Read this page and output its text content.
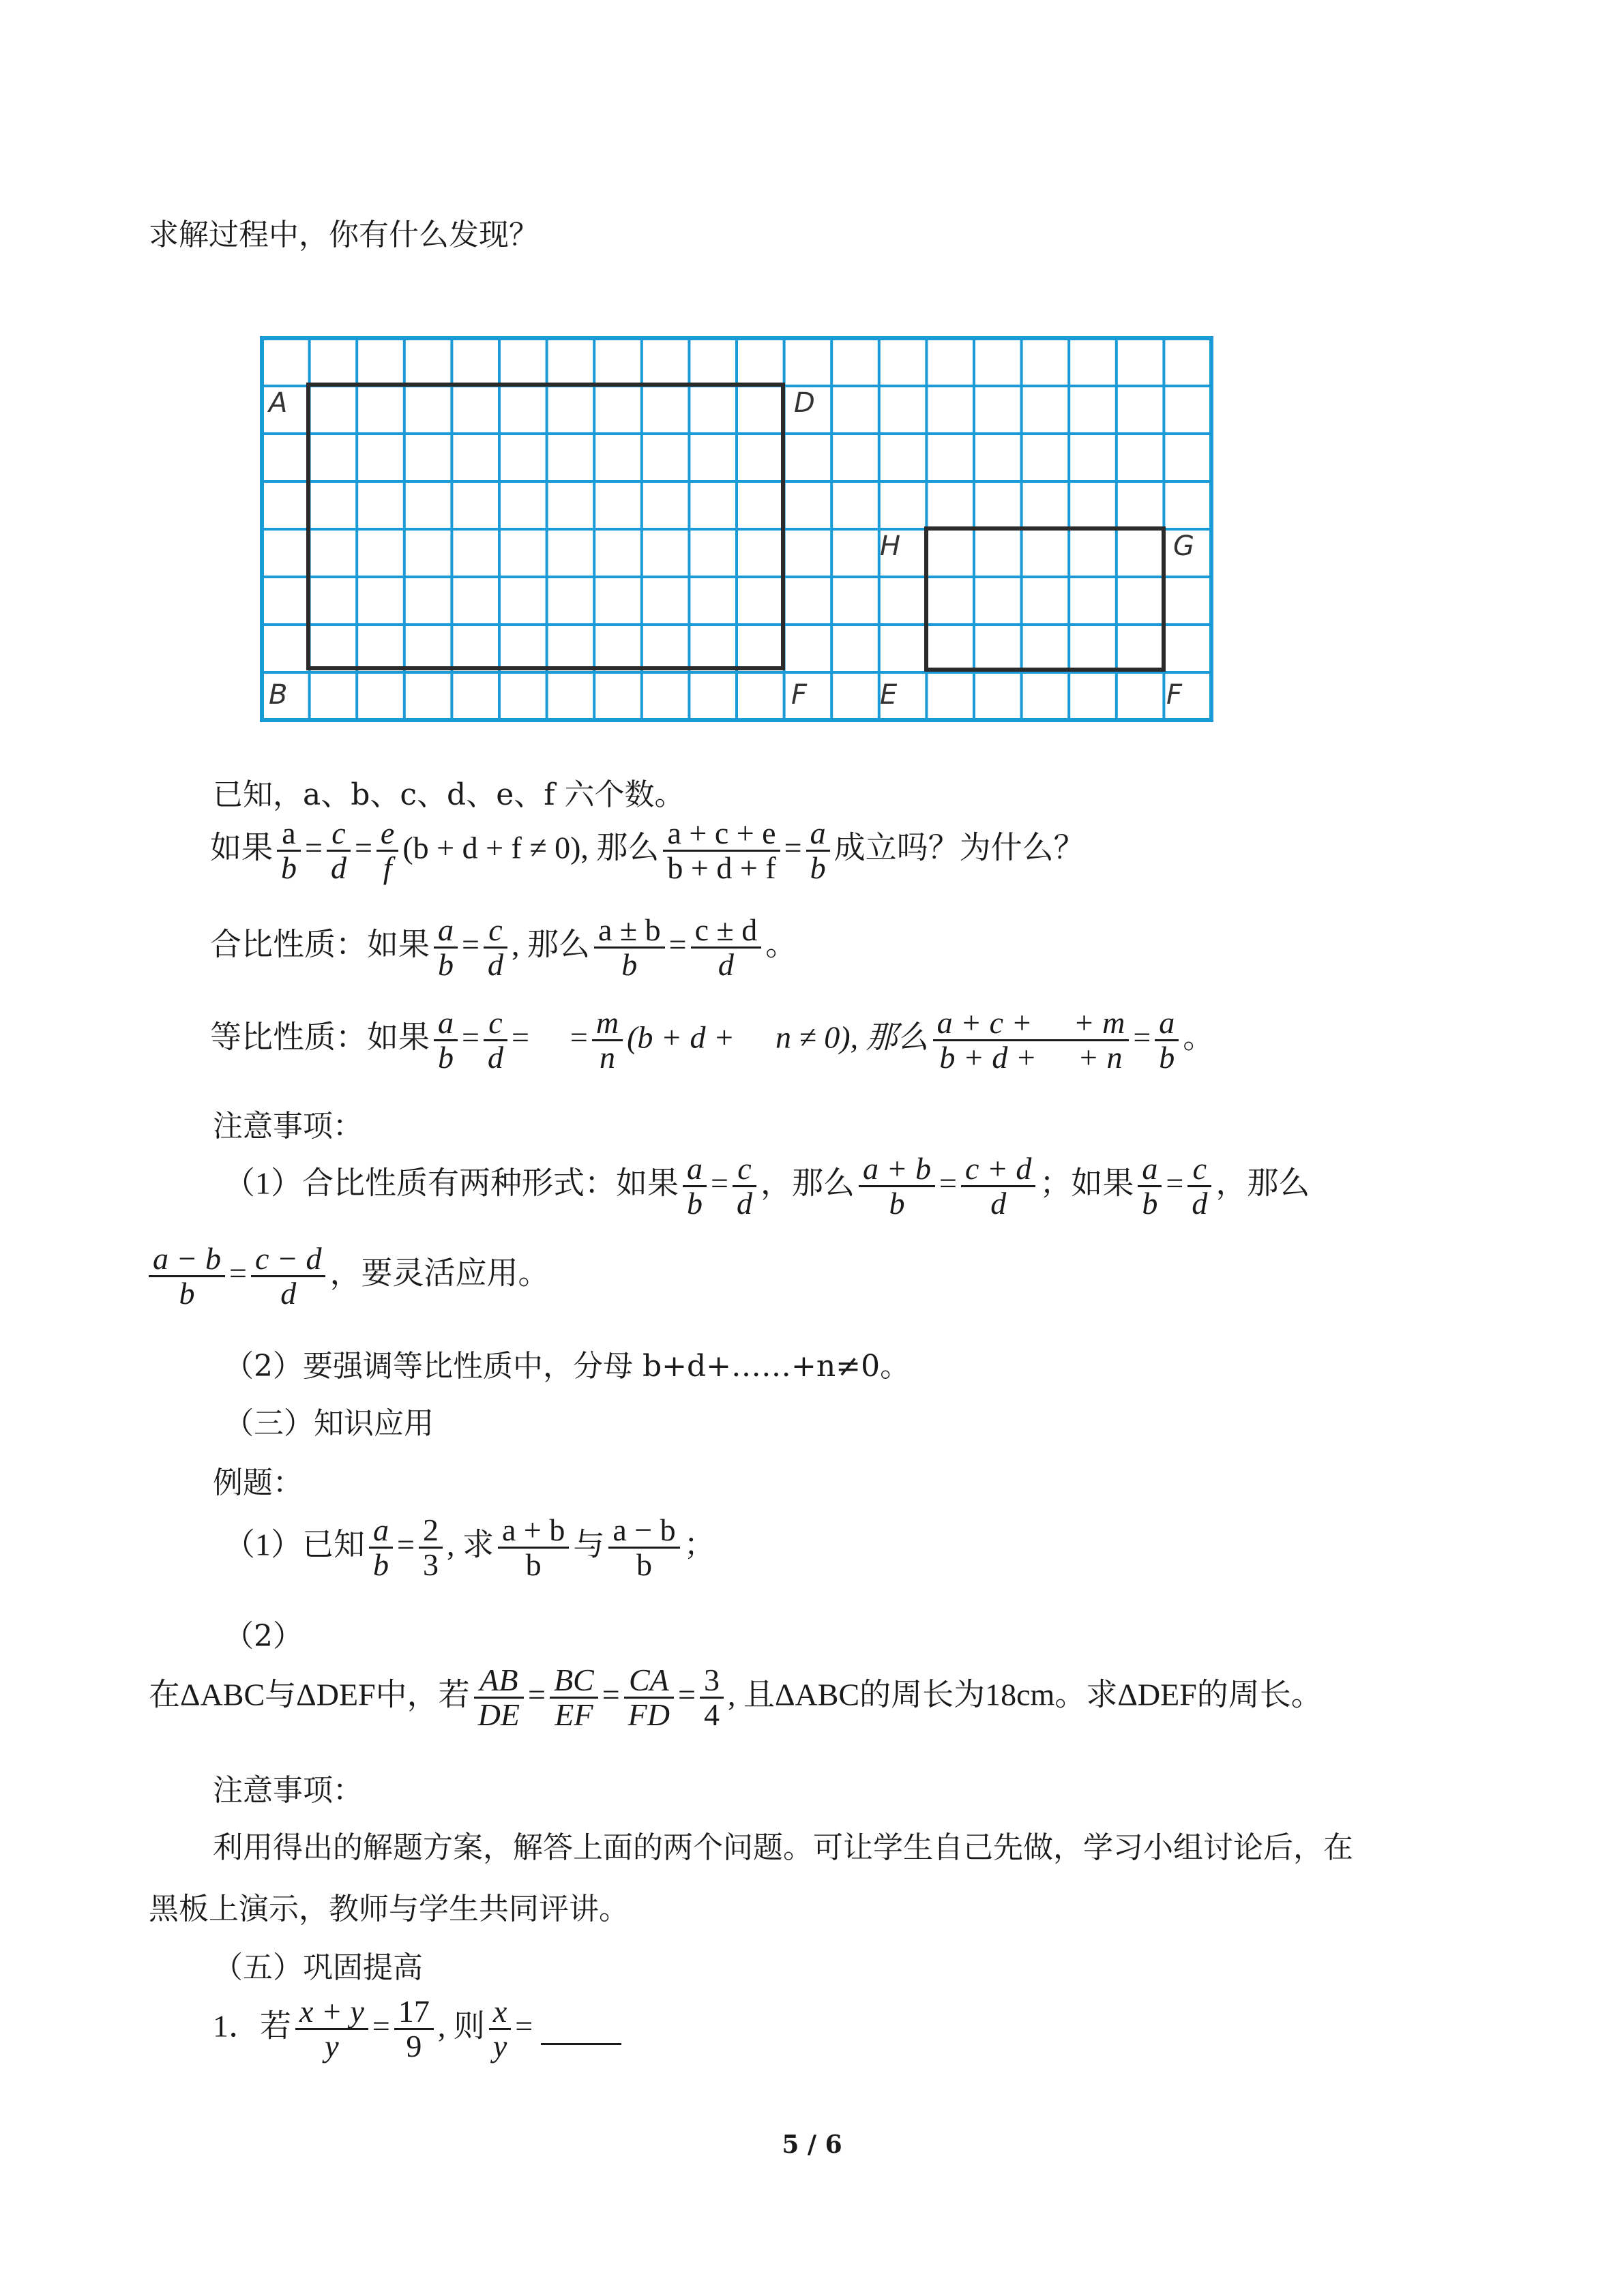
求解过程中，你有什么发现？
A	D
B	F
H	G
E	F
已知，a、b、c、d、e、f 六个数。
如果 $\frac{a}{b} = \frac{c}{d} = \frac{e}{f} (b + d + f \ne 0)$, 那么 $\frac{a + c + e}{b + d + f} = \frac{a}{b}$ 成立吗？为什么？
合比性质：如果 $\frac{a}{b} = \frac{c}{d}$ , 那么 $\frac{a \pm b}{b} = \frac{c \pm d}{d}$ 。
等比性质：如果 $\frac{a}{b} = \frac{c}{d}$ = = $\frac{m}{n} (b + d + n \ne 0)$, 那么 $\frac{a + c + + m}{b + d + + n} = \frac{a}{b}$ 。
注意事项：
（1）合比性质有两种形式：如果 $\frac{a}{b} = \frac{c}{d}$ ，那么 $\frac{a + b}{b} = \frac{c + d}{d}$ ；如果 $\frac{a}{b} = \frac{c}{d}$ ，那么
$\frac{a - b}{b} = \frac{c - d}{d}$ ，要灵活应用。
（2）要强调等比性质中，分母 b+d+……+n≠0。
（三）知识应用
例题：
（1）已知 $\frac{a}{b} = \frac{2}{3}$ , 求 $\frac{a + b}{b}$ 与 $\frac{a - b}{b}$ ；
（2）
在ΔABC与ΔDEF中，若 $\frac{AB}{DE} = \frac{BC}{EF} = \frac{CA}{FD} = \frac{3}{4}$ , 且ΔABC的周长为18cm。求ΔDEF的周长。
注意事项：
利用得出的解题方案，解答上面的两个问题。可让学生自己先做，学习小组讨论后，在
黑板上演示，教师与学生共同评讲。
（五）巩固提高
1．若 $\frac{x + y}{y} = \frac{17}{9}$ , 则 $\frac{x}{y}$ =
5 / 6
